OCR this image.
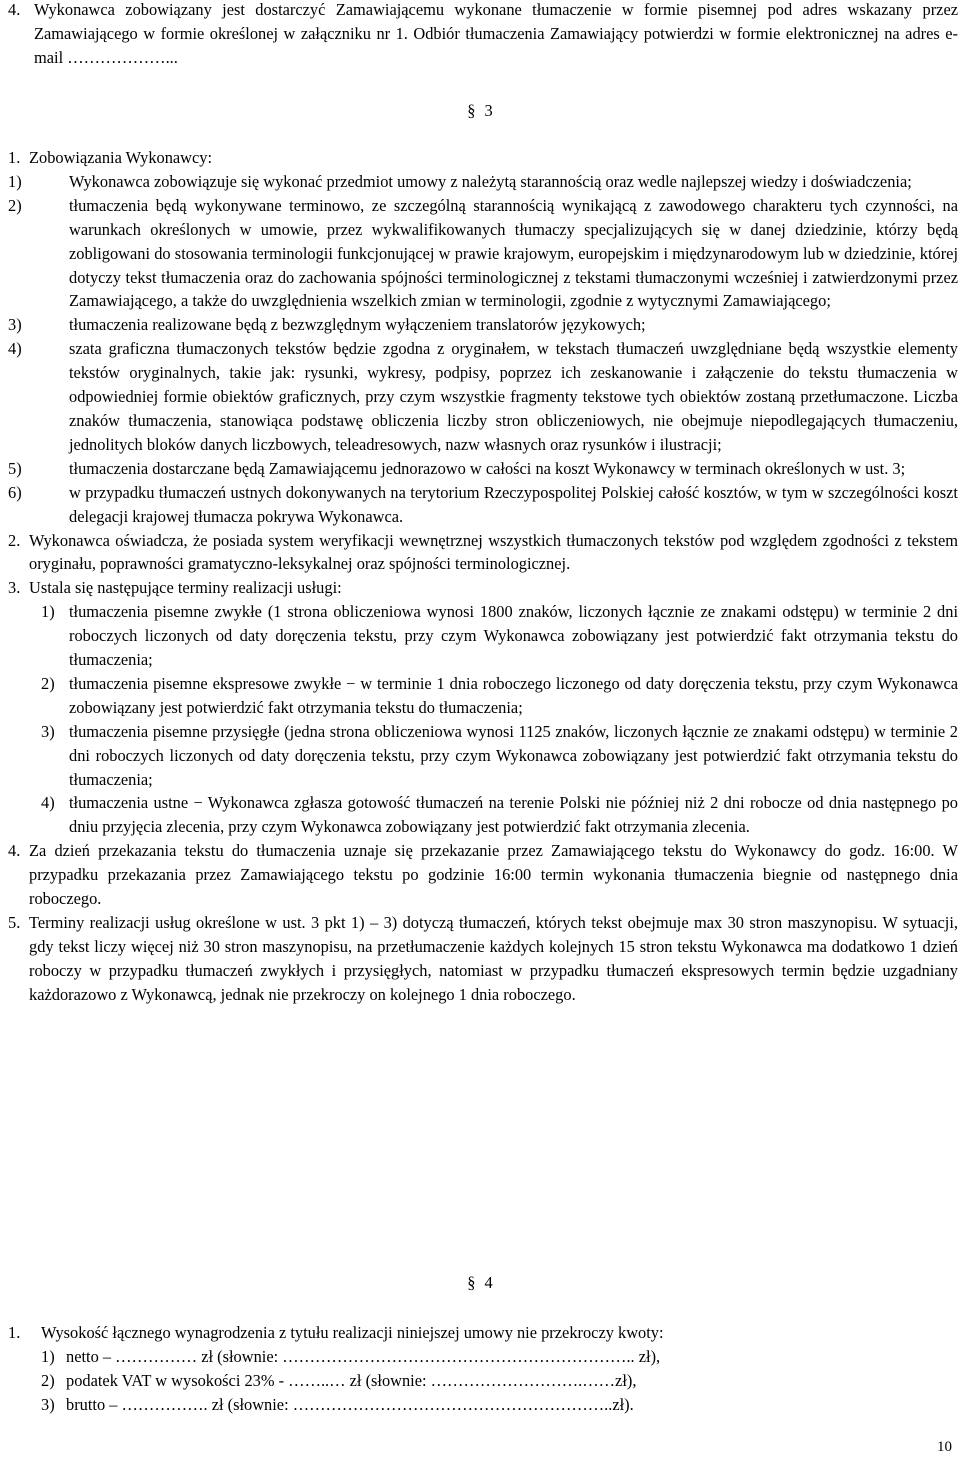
4. Wykonawca zobowiązany jest dostarczyć Zamawiającemu wykonane tłumaczenie w formie pisemnej pod adres wskazany przez Zamawiającego w formie określonej w załączniku nr 1. Odbiór tłumaczenia Zamawiający potwierdzi w formie elektronicznej na adres e-mail ………………...
§ 3
1. Zobowiązania Wykonawcy:
1)	Wykonawca zobowiązuje się wykonać przedmiot umowy z należytą starannością oraz wedle najlepszej wiedzy i doświadczenia;
2)	tłumaczenia będą wykonywane terminowo, ze szczególną starannością wynikającą z zawodowego charakteru tych czynności, na warunkach określonych w umowie, przez wykwalifikowanych tłumaczy specjalizujących się w danej dziedzinie, którzy będą zobligowani do stosowania terminologii funkcjonującej w prawie krajowym, europejskim i międzynarodowym lub w dziedzinie, której dotyczy tekst tłumaczenia oraz do zachowania spójności terminologicznej z tekstami tłumaczonymi wcześniej i zatwierdzonymi przez Zamawiającego, a także do uwzględnienia wszelkich zmian w terminologii, zgodnie z wytycznymi Zamawiającego;
3)	tłumaczenia realizowane będą z bezwzględnym wyłączeniem translatorów językowych;
4)	szata graficzna tłumaczonych tekstów będzie zgodna z oryginałem, w tekstach tłumaczeń uwzględniane będą wszystkie elementy tekstów oryginalnych, takie jak: rysunki, wykresy, podpisy, poprzez ich zeskanowanie i załączenie do tekstu tłumaczenia w odpowiedniej formie obiektów graficznych, przy czym wszystkie fragmenty tekstowe tych obiektów zostaną przetłumaczone. Liczba znaków tłumaczenia, stanowiąca podstawę obliczenia liczby stron obliczeniowych, nie obejmuje niepodlegających tłumaczeniu, jednolitych bloków danych liczbowych, teleadresowych, nazw własnych oraz rysunków i ilustracji;
5)	tłumaczenia dostarczane będą Zamawiającemu jednorazowo w całości na koszt Wykonawcy w terminach określonych w ust. 3;
6)	w przypadku tłumaczeń ustnych dokonywanych na terytorium Rzeczypospolitej Polskiej całość kosztów, w tym w szczególności koszt delegacji krajowej tłumacza pokrywa Wykonawca.
2. Wykonawca oświadcza, że posiada system weryfikacji wewnętrznej wszystkich tłumaczonych tekstów pod względem zgodności z tekstem oryginału, poprawności gramatyczno-leksykalnej oraz spójności terminologicznej.
3. Ustala się następujące terminy realizacji usługi:
1) tłumaczenia pisemne zwykłe (1 strona obliczeniowa wynosi 1800 znaków, liczonych łącznie ze znakami odstępu) w terminie 2 dni roboczych liczonych od daty doręczenia tekstu, przy czym Wykonawca zobowiązany jest potwierdzić fakt otrzymania tekstu do tłumaczenia;
2) tłumaczenia pisemne ekspresowe zwykłe − w terminie 1 dnia roboczego liczonego od daty doręczenia tekstu, przy czym Wykonawca zobowiązany jest potwierdzić fakt otrzymania tekstu do tłumaczenia;
3) tłumaczenia pisemne przysięgłe (jedna strona obliczeniowa wynosi 1125 znaków, liczonych łącznie ze znakami odstępu) w terminie 2 dni roboczych liczonych od daty doręczenia tekstu, przy czym Wykonawca zobowiązany jest potwierdzić fakt otrzymania tekstu do tłumaczenia;
4) tłumaczenia ustne − Wykonawca zgłasza gotowość tłumaczeń na terenie Polski nie później niż 2 dni robocze od dnia następnego po dniu przyjęcia zlecenia, przy czym Wykonawca zobowiązany jest potwierdzić fakt otrzymania zlecenia.
4. Za dzień przekazania tekstu do tłumaczenia uznaje się przekazanie przez Zamawiającego tekstu do Wykonawcy do godz. 16:00. W przypadku przekazania przez Zamawiającego tekstu po godzinie 16:00 termin wykonania tłumaczenia biegnie od następnego dnia roboczego.
5. Terminy realizacji usług określone w ust. 3 pkt 1) – 3) dotyczą tłumaczeń, których tekst obejmuje max 30 stron maszynopisu. W sytuacji, gdy tekst liczy więcej niż 30 stron maszynopisu, na przetłumaczenie każdych kolejnych 15 stron tekstu Wykonawca ma dodatkowo 1 dzień roboczy w przypadku tłumaczeń zwykłych i przysięgłych, natomiast w przypadku tłumaczeń ekspresowych termin będzie uzgadniany każdorazowo z Wykonawcą, jednak nie przekroczy on kolejnego 1 dnia roboczego.
§ 4
1. Wysokość łącznego wynagrodzenia z tytułu realizacji niniejszej umowy nie przekroczy kwoty:
1) netto – …………… zł (słownie: ……………………………………………………….. zł),
2) podatek VAT w wysokości 23% - ……..… zł (słownie: ……………………….……zł),
3) brutto – ……………. zł (słownie: …………………………………………………..zł).
10
